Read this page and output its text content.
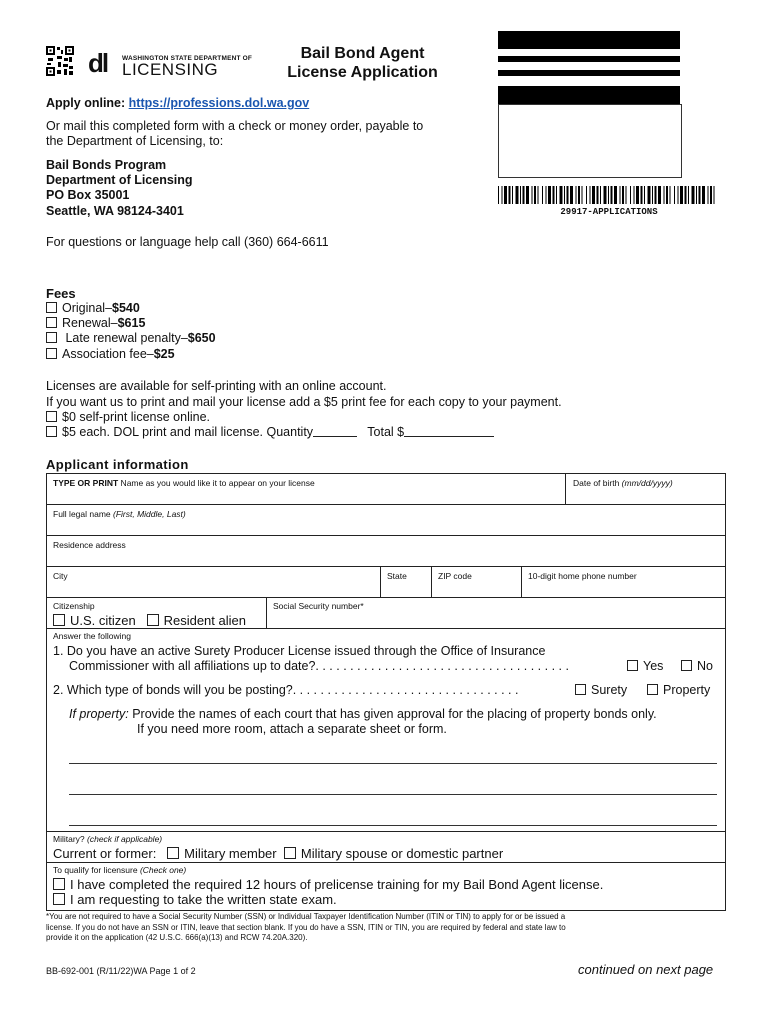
dl	WASHINGTON STATE DEPARTMENT OF
LICENSING
Bail Bond Agent
License Application
29917-APPLICATIONS
Apply online: https://professions.dol.wa.gov
Or mail this completed form with a check or money order, payable to
the Department of Licensing, to:
Bail Bonds Program
Department of Licensing
PO Box 35001
Seattle, WA 98124-3401
For questions or language help call (360) 664-6611
Fees
Original–$540
Renewal–$615
Late renewal penalty–$650
Association fee–$25
Licenses are available for self-printing with an online account.
If you want us to print and mail your license add a $5 print fee for each copy to your payment.
$0 self-print license online.
$5 each. DOL print and mail license. Quantity	Total $
Applicant information
TYPE OR PRINT Name as you would like it to appear on your license	Date of birth (mm/dd/yyyy)
Full legal name (First, Middle, Last)
Residence address
City	State	ZIP code	10-digit home phone number
Citizenship
U.S. citizen Resident alien
Social Security number*
Answer the following
1. Do you have an active Surety Producer License issued through the Office of Insurance
Commissioner with all affiliations up to date?. . . . . . . . . . . . . . . . . . . . . . . . . . . . . . . . . . . . .	Yes	No
2. Which type of bonds will you be posting?. . . . . . . . . . . . . . . . . . . . . . . . . . . . . . . . .	Surety	Property
If property: Provide the names of each court that has given approval for the placing of property bonds only.
If you need more room, attach a separate sheet or form.
Military? (check if applicable)
Current or former: Military member Military spouse or domestic partner
To qualify for licensure (Check one)
I have completed the required 12 hours of prelicense training for my Bail Bond Agent license.
I am requesting to take the written state exam.
*You are not required to have a Social Security Number (SSN) or Individual Taxpayer Identification Number (ITIN or TIN) to apply for or be issued a
license. If you do not have an SSN or ITIN, leave that section blank. If you do have a SSN, ITIN or TIN, you are required by federal and state law to
provide it on the application (42 U.S.C. 666(a)(13) and RCW 74.20A.320).
BB-692-001 (R/11/22)WA Page 1 of 2	continued on next page
